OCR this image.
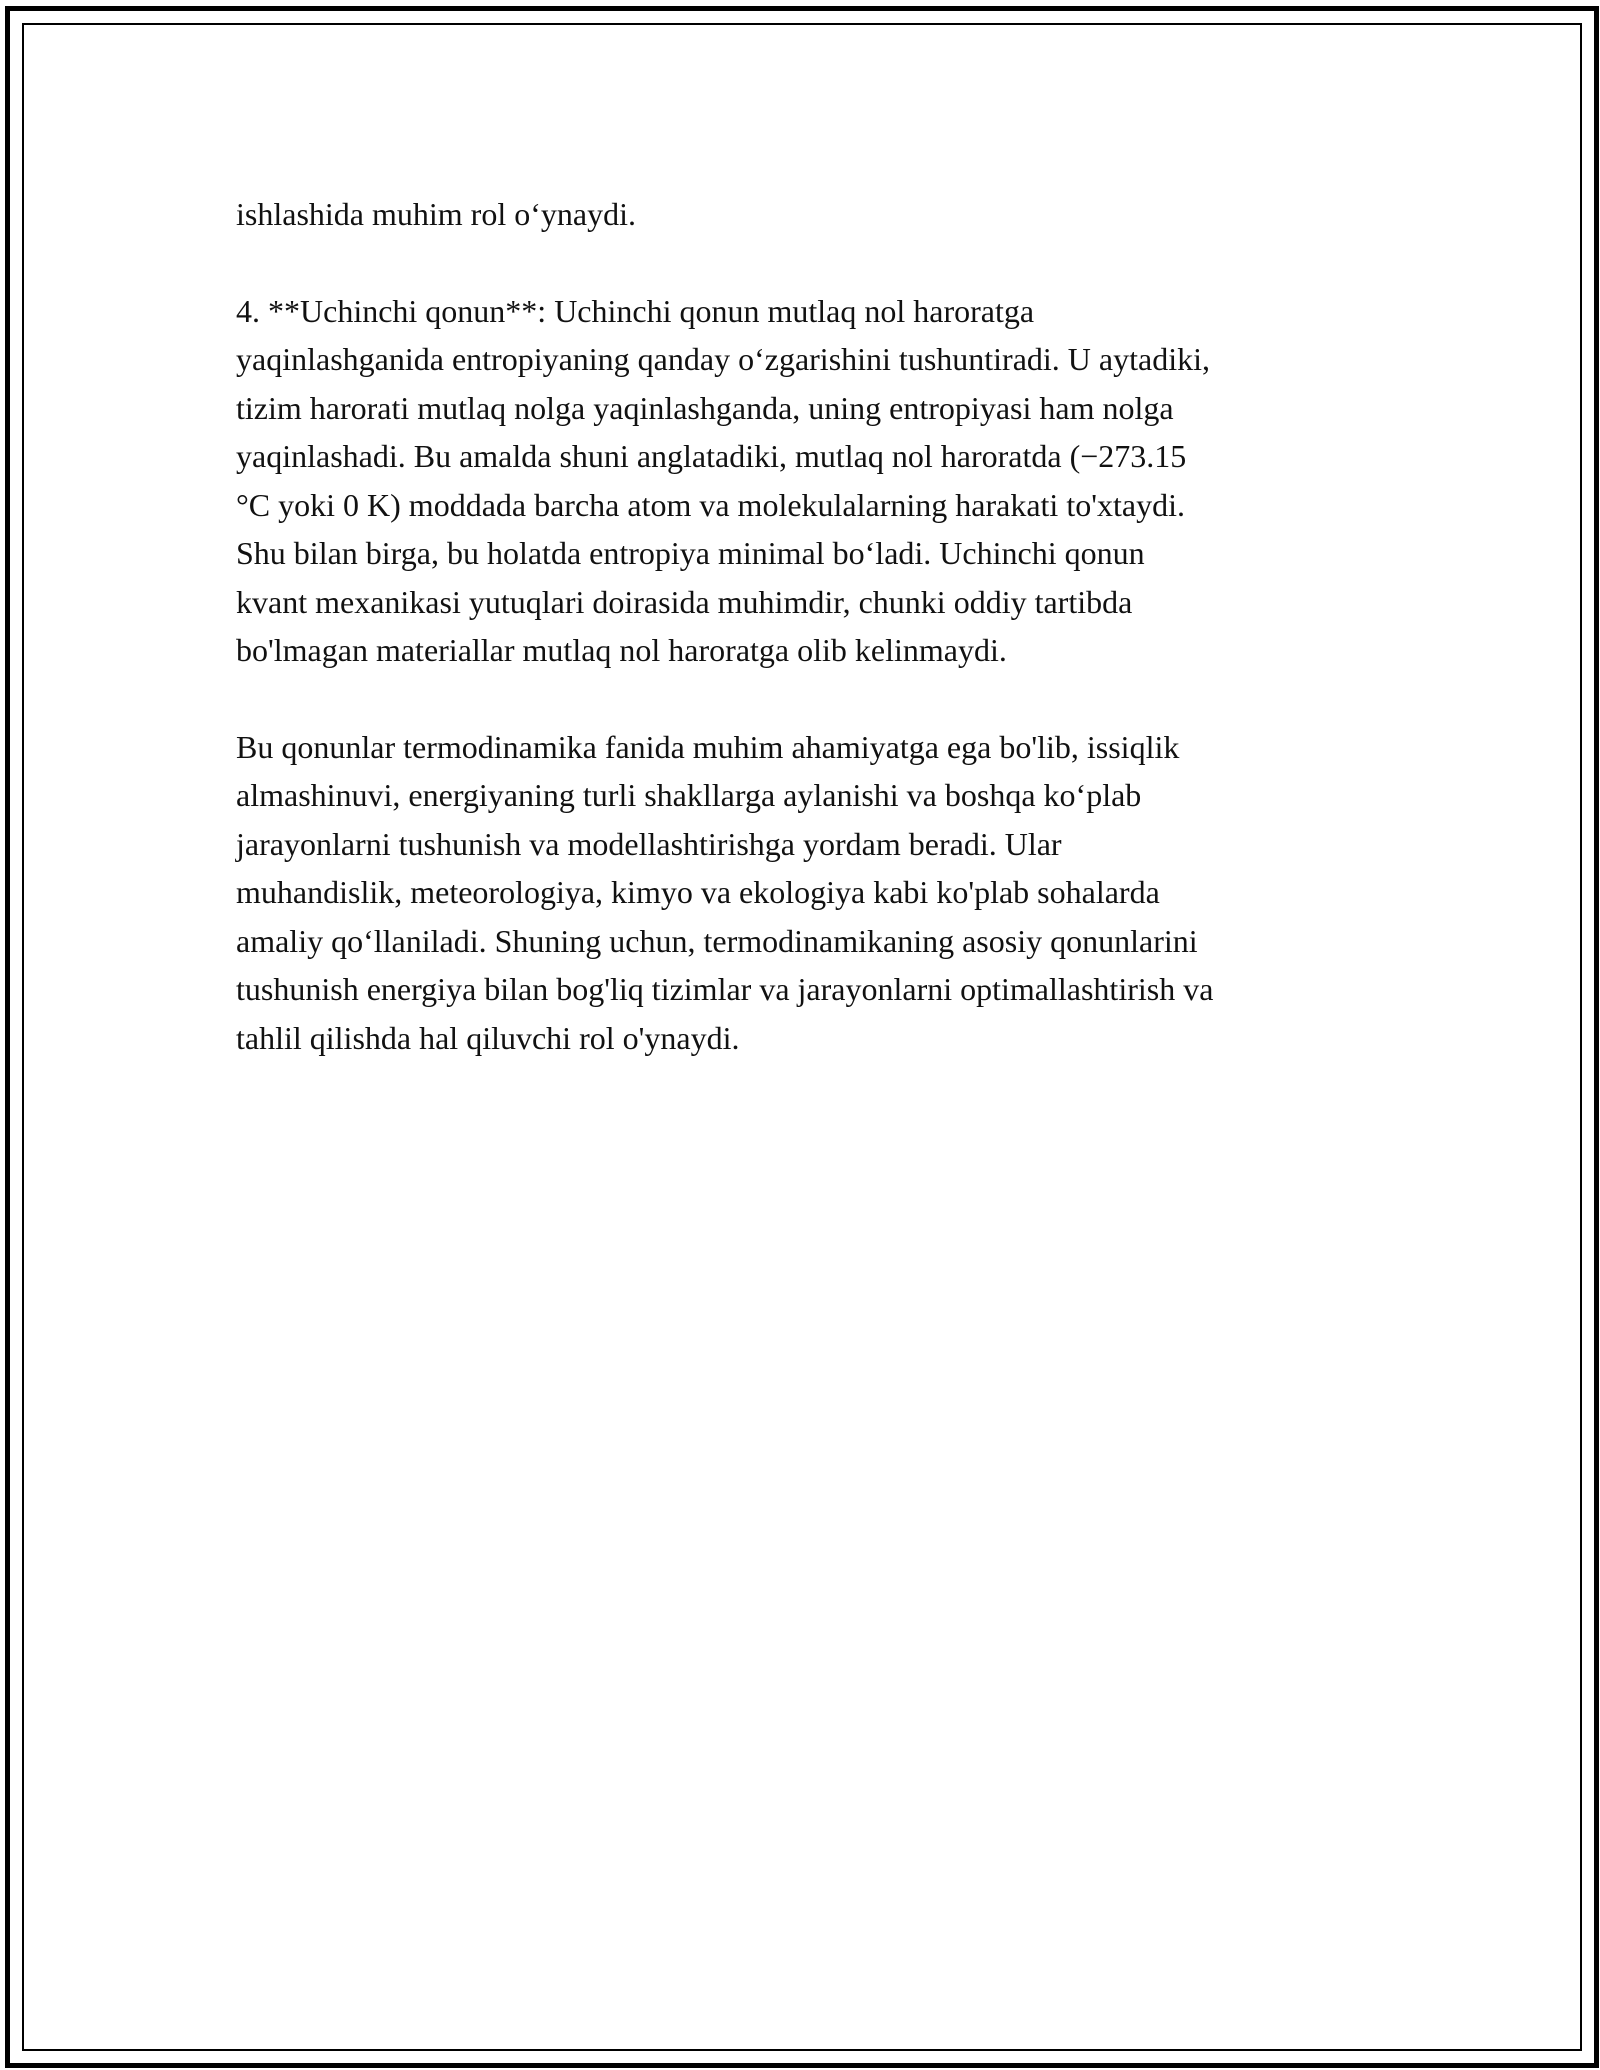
ishlashida muhim rol o‘ynaydi.

4. **Uchinchi qonun**: Uchinchi qonun mutlaq nol haroratga
yaqinlashganida entropiyaning qanday o‘zgarishini tushuntiradi. U aytadiki,
tizim harorati mutlaq nolga yaqinlashganda, uning entropiyasi ham nolga
yaqinlashadi. Bu amalda shuni anglatadiki, mutlaq nol haroratda (−273.15
°C yoki 0 K) moddada barcha atom va molekulalarning harakati to'xtaydi.
Shu bilan birga, bu holatda entropiya minimal bo‘ladi. Uchinchi qonun
kvant mexanikasi yutuqlari doirasida muhimdir, chunki oddiy tartibda
bo'lmagan materiallar mutlaq nol haroratga olib kelinmaydi.

Bu qonunlar termodinamika fanida muhim ahamiyatga ega bo'lib, issiqlik
almashinuvi, energiyaning turli shakllarga aylanishi va boshqa ko‘plab
jarayonlarni tushunish va modellashtirishga yordam beradi. Ular
muhandislik, meteorologiya, kimyo va ekologiya kabi ko'plab sohalarda
amaliy qo‘llaniladi. Shuning uchun, termodinamikaning asosiy qonunlarini
tushunish energiya bilan bog'liq tizimlar va jarayonlarni optimallashtirish va
tahlil qilishda hal qiluvchi rol o'ynaydi.
